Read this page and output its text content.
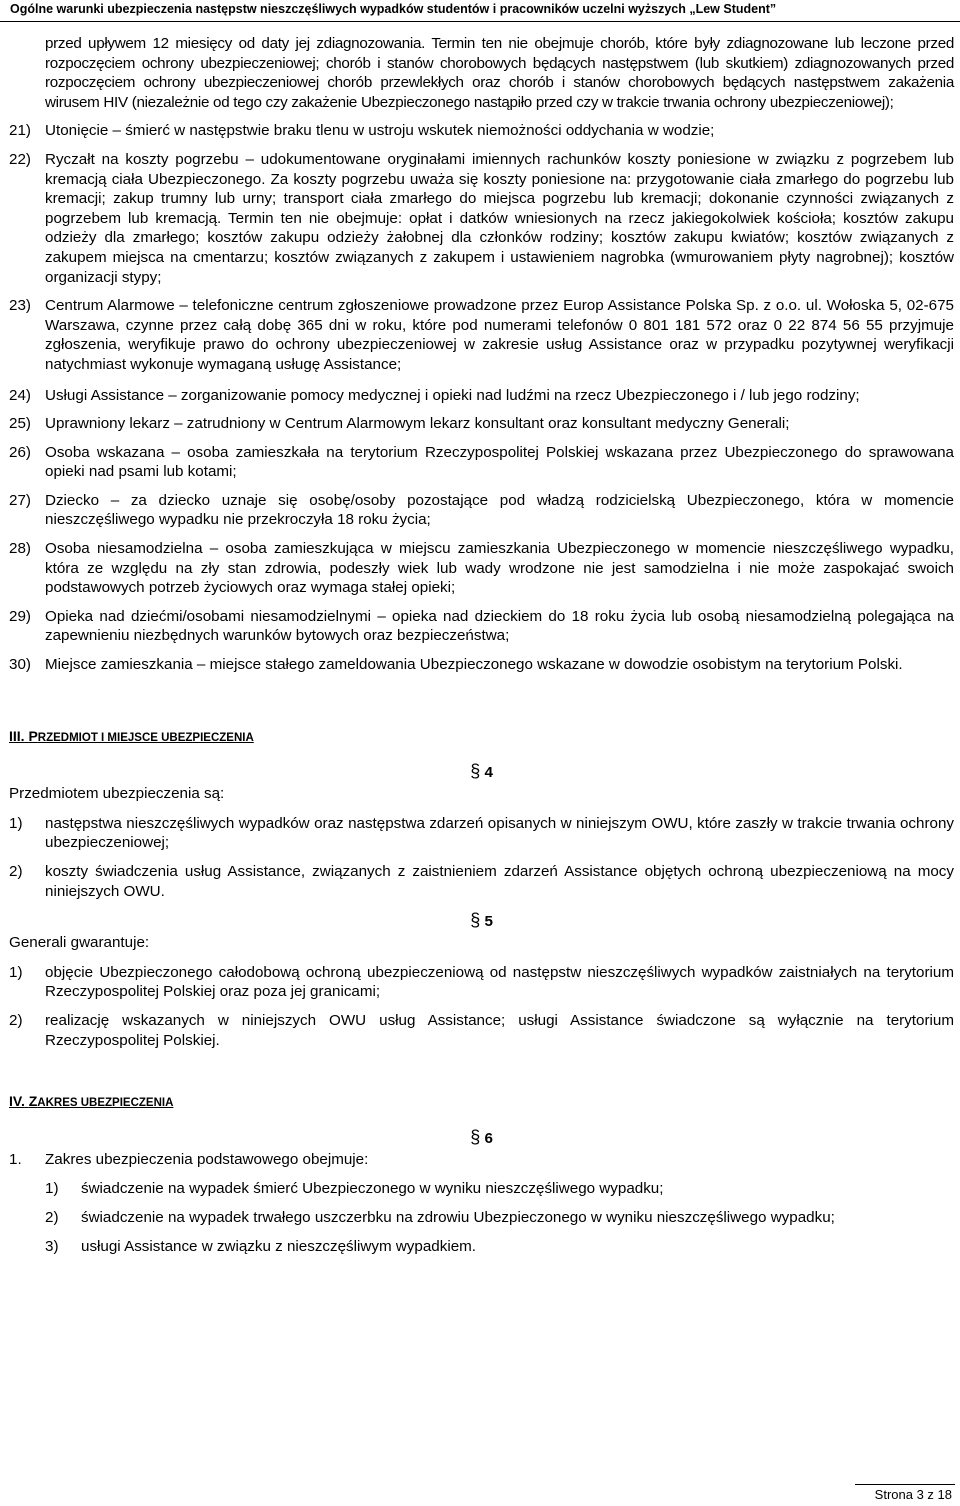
Ogólne warunki ubezpieczenia następstw nieszczęśliwych wypadków studentów i pracowników uczelni wyższych „Lew Student”

przed upływem 12 miesięcy od daty jej zdiagnozowania. Termin ten nie obejmuje chorób, które były zdiagnozowane lub leczone przed rozpoczęciem ochrony ubezpieczeniowej; chorób i stanów chorobowych będących następstwem (lub skutkiem) zdiagnozowanych przed rozpoczęciem ochrony ubezpieczeniowej chorób przewlekłych oraz chorób i stanów chorobowych będących następstwem zakażenia wirusem HIV (niezależnie od tego czy zakażenie Ubezpieczonego nastąpiło przed czy w trakcie trwania ochrony ubezpieczeniowej);

21) Utonięcie – śmierć w następstwie braku tlenu w ustroju wskutek niemożności oddychania w wodzie;
22) Ryczałt na koszty pogrzebu – udokumentowane oryginałami imiennych rachunków koszty poniesione w związku z pogrzebem lub kremacją ciała Ubezpieczonego. Za koszty pogrzebu uważa się koszty poniesione na: przygotowanie ciała zmarłego do pogrzebu lub kremacji; zakup trumny lub urny; transport ciała zmarłego do miejsca pogrzebu lub kremacji; dokonanie czynności związanych z pogrzebem lub kremacją. Termin ten nie obejmuje: opłat i datków wniesionych na rzecz jakiegokolwiek kościoła; kosztów zakupu odzieży dla zmarłego; kosztów zakupu odzieży żałobnej dla członków rodziny; kosztów zakupu kwiatów; kosztów związanych z zakupem miejsca na cmentarzu; kosztów związanych z zakupem i ustawieniem nagrobka (wmurowaniem płyty nagrobnej); kosztów organizacji stypy;
23) Centrum Alarmowe – telefoniczne centrum zgłoszeniowe prowadzone przez Europ Assistance Polska Sp. z o.o. ul. Wołoska 5, 02-675 Warszawa, czynne przez całą dobę 365 dni w roku, które pod numerami telefonów 0 801 181 572 oraz 0 22 874 56 55 przyjmuje zgłoszenia, weryfikuje prawo do ochrony ubezpieczeniowej w zakresie usług Assistance oraz w przypadku pozytywnej weryfikacji natychmiast wykonuje wymaganą usługę Assistance;
24) Usługi Assistance – zorganizowanie pomocy medycznej i opieki nad ludźmi na rzecz Ubezpieczonego i / lub jego rodziny;
25) Uprawniony lekarz – zatrudniony w Centrum Alarmowym lekarz konsultant oraz konsultant medyczny Generali;
26) Osoba wskazana – osoba zamieszkała na terytorium Rzeczypospolitej Polskiej wskazana przez Ubezpieczonego do sprawowana opieki nad psami lub kotami;
27) Dziecko – za dziecko uznaje się osobę/osoby pozostające pod władzą rodzicielską Ubezpieczonego, która w momencie nieszczęśliwego wypadku nie przekroczyła 18 roku życia;
28) Osoba niesamodzielna – osoba zamieszkująca w miejscu zamieszkania Ubezpieczonego w momencie nieszczęśliwego wypadku, która ze względu na zły stan zdrowia, podeszły wiek lub wady wrodzone nie jest samodzielna i nie może zaspokajać swoich podstawowych potrzeb życiowych oraz wymaga stałej opieki;
29) Opieka nad dziećmi/osobami niesamodzielnymi – opieka nad dzieckiem do 18 roku życia lub osobą niesamodzielną polegająca na zapewnieniu niezbędnych warunków bytowych oraz bezpieczeństwa;
30) Miejsce zamieszkania – miejsce stałego zameldowania Ubezpieczonego wskazane w dowodzie osobistym na terytorium Polski.

III. PRZEDMIOT I MIEJSCE UBEZPIECZENIA

§ 4

Przedmiotem ubezpieczenia są:

1) następstwa nieszczęśliwych wypadków oraz następstwa zdarzeń opisanych w niniejszym OWU, które zaszły w trakcie trwania ochrony ubezpieczeniowej;
2) koszty świadczenia usług Assistance, związanych z zaistnieniem zdarzeń Assistance objętych ochroną ubezpieczeniową na mocy niniejszych OWU.

§ 5

Generali gwarantuje:

1) objęcie Ubezpieczonego całodobową ochroną ubezpieczeniową od następstw nieszczęśliwych wypadków zaistniałych na terytorium Rzeczypospolitej Polskiej oraz poza jej granicami;
2) realizację wskazanych w niniejszych OWU usług Assistance; usługi Assistance świadczone są wyłącznie na terytorium Rzeczypospolitej Polskiej.

IV. ZAKRES UBEZPIECZENIA

§ 6

1. Zakres ubezpieczenia podstawowego obejmuje:
1) świadczenie na wypadek śmierć Ubezpieczonego w wyniku nieszczęśliwego wypadku;
2) świadczenie na wypadek trwałego uszczerbku na zdrowiu Ubezpieczonego w wyniku nieszczęśliwego wypadku;
3) usługi Assistance w związku z nieszczęśliwym wypadkiem.
Strona 3 z 18
